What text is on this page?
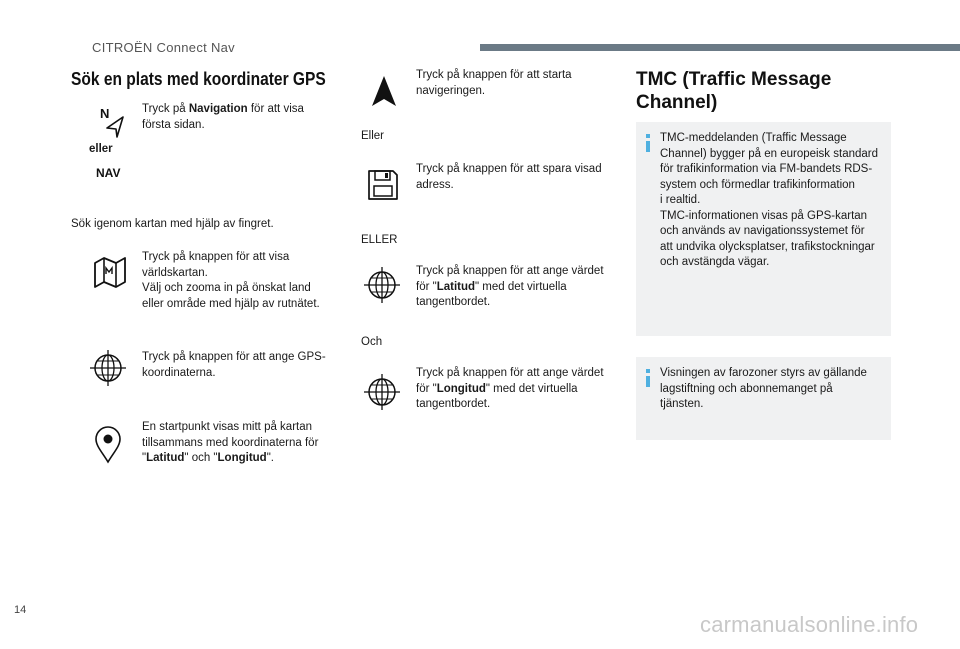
CITROËN Connect Nav
Sök en plats med koordinater GPS
N
eller
NAV
Tryck på Navigation för att visa
första sidan.
Sök igenom kartan med hjälp av fingret.
Tryck på knappen för att visa
världskartan.
Välj och zooma in på önskat land
eller område med hjälp av rutnätet.
Tryck på knappen för att ange GPS-
koordinaterna.
En startpunkt visas mitt på kartan
tillsammans med koordinaterna för
"Latitud" och "Longitud".
Tryck på knappen för att starta
navigeringen.
Eller
Tryck på knappen för att spara visad
adress.
ELLER
Tryck på knappen för att ange värdet
för "Latitud" med det virtuella
tangentbordet.
Och
Tryck på knappen för att ange värdet
för "Longitud" med det virtuella
tangentbordet.
TMC (Traffic Message
Channel)
TMC-meddelanden (Traffic Message
Channel) bygger på en europeisk standard
för trafikinformation via FM-bandets RDS-
system och förmedlar trafikinformation
i realtid.
TMC-informationen visas på GPS-kartan
och används av navigationssystemet för
att undvika olycksplatser, trafikstockningar
och avstängda vägar.
Visningen av farozoner styrs av gällande
lagstiftning och abonnemanget på
tjänsten.
14
carmanualsonline.info
